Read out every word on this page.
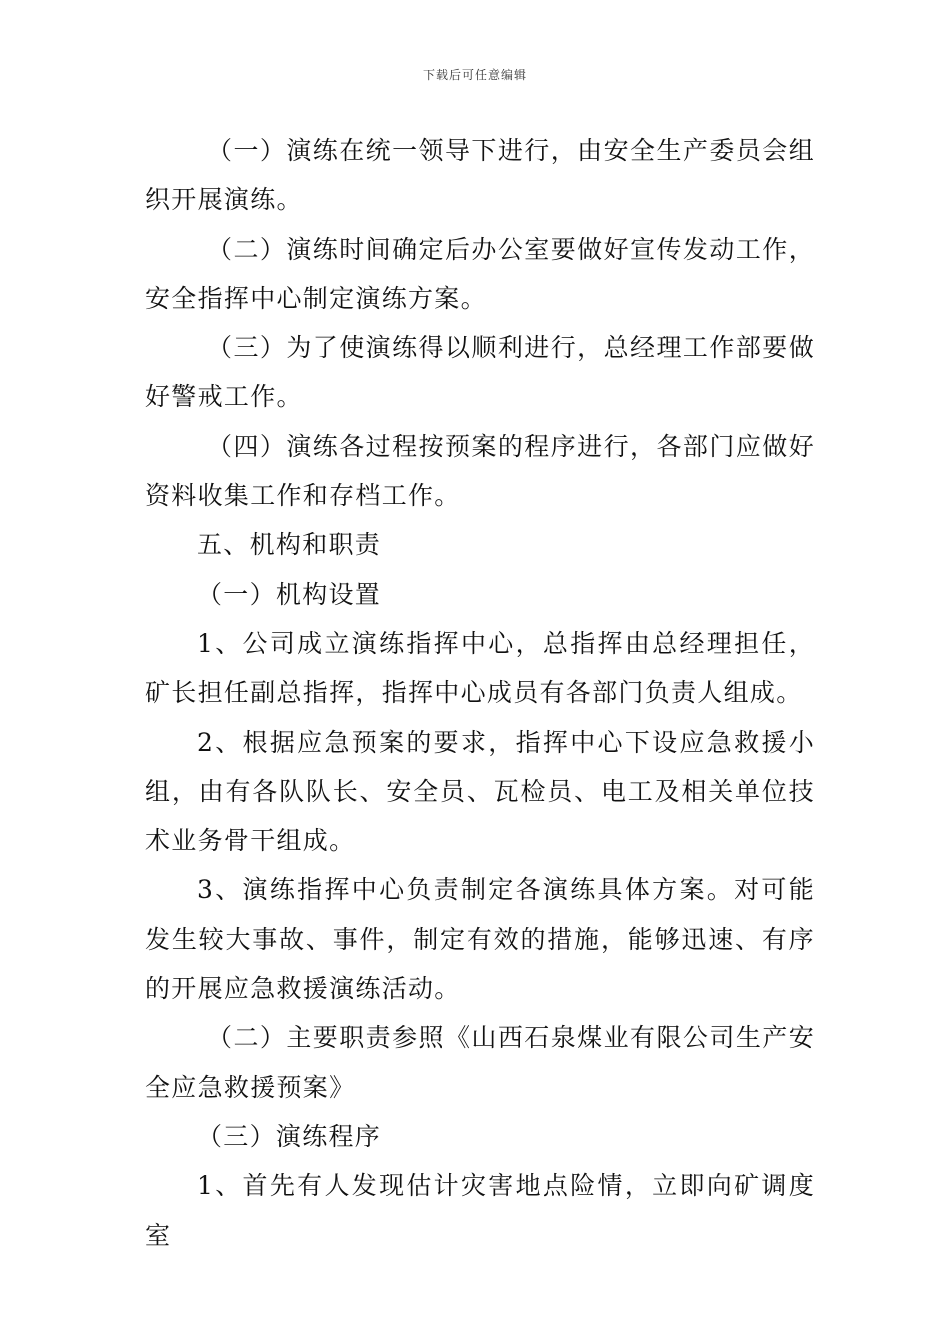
下载后可任意编辑

（一）演练在统一领导下进行，由安全生产委员会组织开展演练。

（二）演练时间确定后办公室要做好宣传发动工作，安全指挥中心制定演练方案。

（三）为了使演练得以顺利进行，总经理工作部要做好警戒工作。

（四）演练各过程按预案的程序进行，各部门应做好资料收集工作和存档工作。

五、机构和职责

（一）机构设置

1、公司成立演练指挥中心，总指挥由总经理担任，矿长担任副总指挥，指挥中心成员有各部门负责人组成。

2、根据应急预案的要求，指挥中心下设应急救援小组，由有各队队长、安全员、瓦检员、电工及相关单位技术业务骨干组成。

3、演练指挥中心负责制定各演练具体方案。对可能发生较大事故、事件，制定有效的措施，能够迅速、有序的开展应急救援演练活动。

（二）主要职责参照《山西石泉煤业有限公司生产安全应急救援预案》

（三）演练程序

1、首先有人发现估计灾害地点险情，立即向矿调度室
